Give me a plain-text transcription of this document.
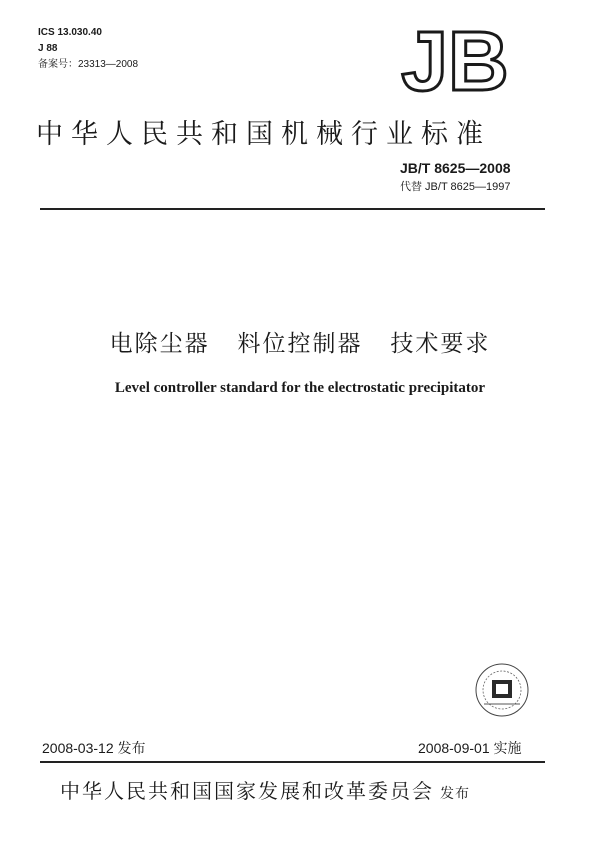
ICS 13.030.40
J 88
备案号：23313—2008	JB
中华人民共和国机械行业标准
JB/T 8625—2008
代替 JB/T 8625—1997
电除尘器   料位控制器   技术要求
Level controller standard for the electrostatic precipitator
2008-03-12 发布	2008-09-01 实施
中华人民共和国国家发展和改革委员会 发布
